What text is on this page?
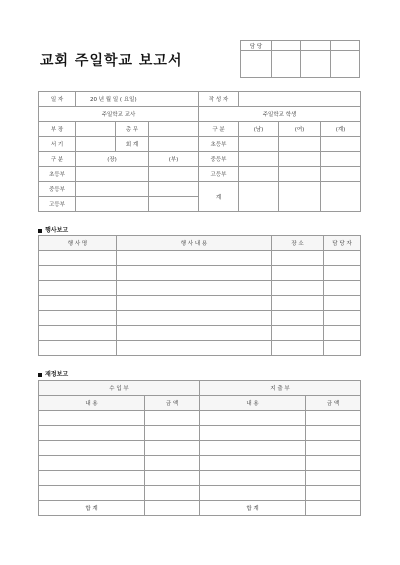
교회 주일학교 보고서
담 당			

일 자	20 년 월 일 ( 요일)			작 성 자			
주일학교 교사				주일학교 학생			
부 장		총 무		구 분	(남)	(여)	(계)
서 기		회 계		초등부			
구 분	(장)		(부)	중등부			
초등부				고등부			
중등부				계			
고등부							
행사보고
행 사 명	행 사 내 용	장 소	담 당 자

재정보고
수 입 부		지 출 부	
내 용	금 액	내 용	금 액

합 계		합 계	
